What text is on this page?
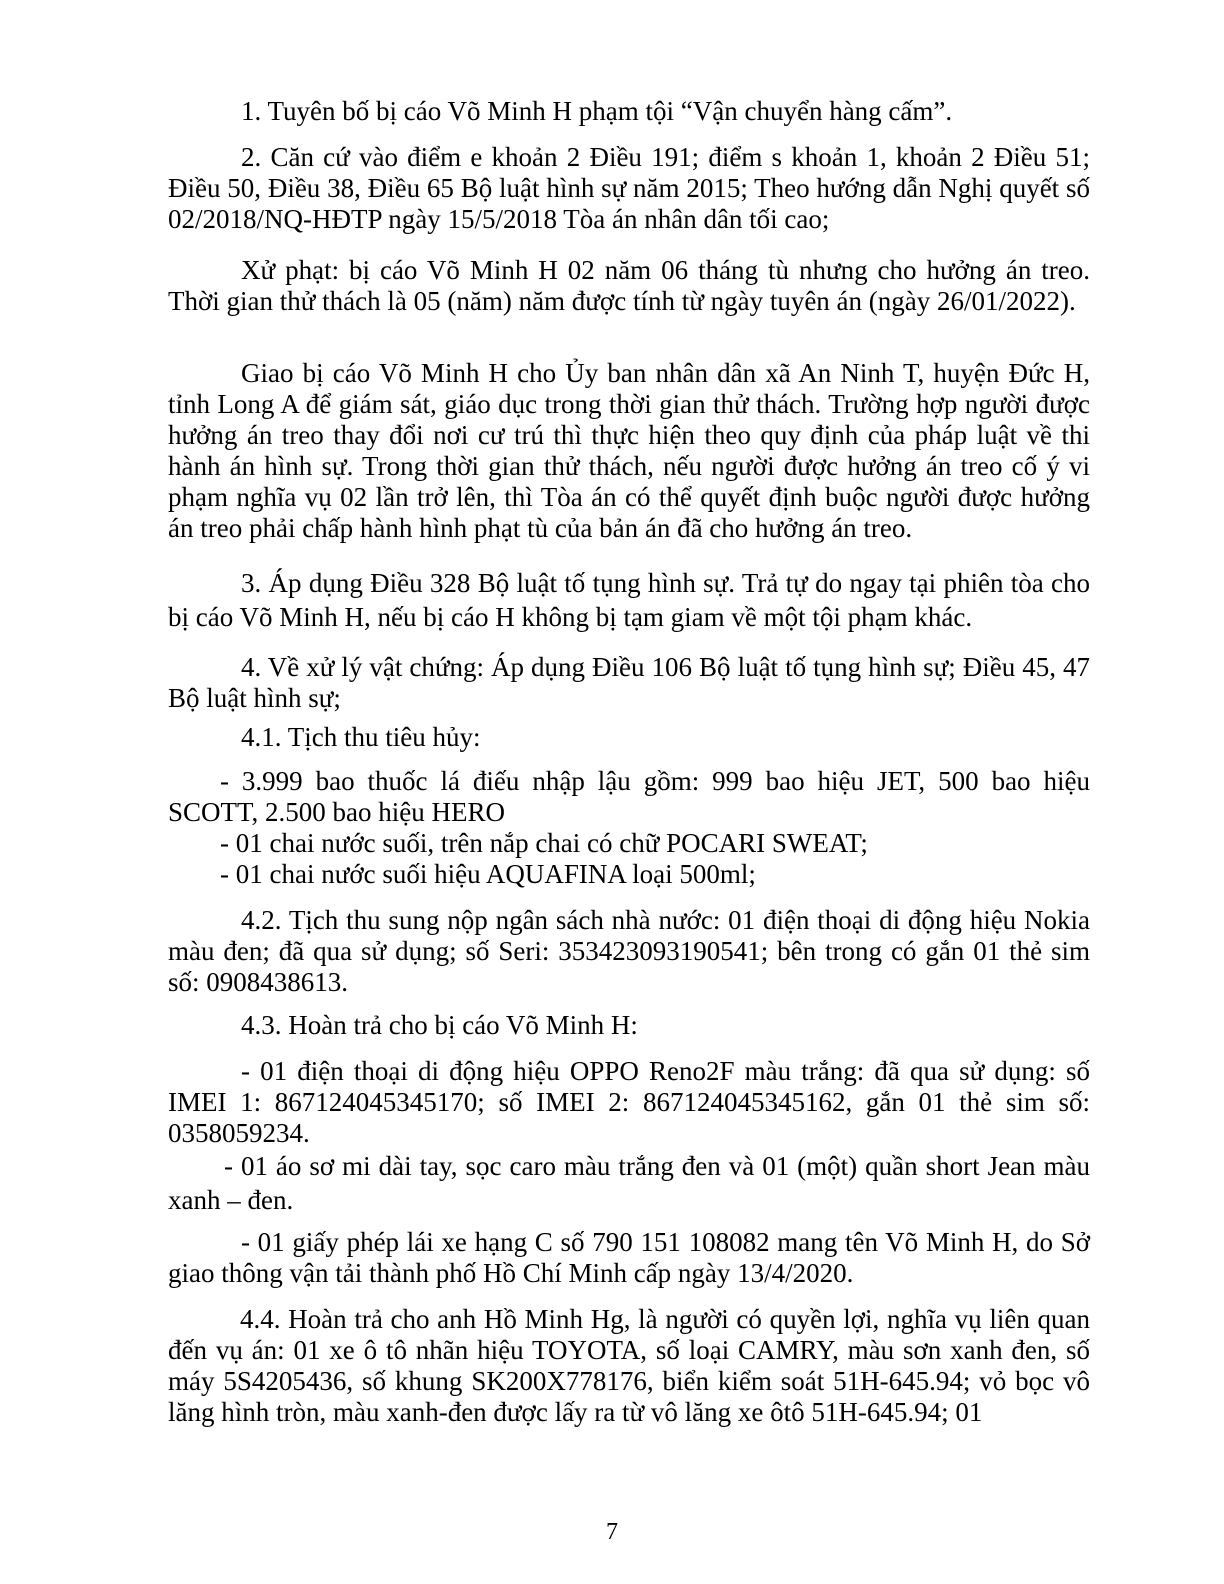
1. Tuyên bố bị cáo Võ Minh H phạm tội “Vận chuyển hàng cấm”.

2. Căn cứ vào điểm e khoản 2 Điều 191; điểm s khoản 1, khoản 2 Điều 51; Điều 50, Điều 38, Điều 65 Bộ luật hình sự năm 2015; Theo hướng dẫn Nghị quyết số 02/2018/NQ-HĐTP ngày 15/5/2018 Tòa án nhân dân tối cao;

Xử phạt: bị cáo Võ Minh H 02 năm 06 tháng tù nhưng cho hưởng án treo. Thời gian thử thách là 05 (năm) năm được tính từ ngày tuyên án (ngày 26/01/2022).

Giao bị cáo Võ Minh H cho Ủy ban nhân dân xã An Ninh T, huyện Đức H, tỉnh Long A để giám sát, giáo dục trong thời gian thử thách. Trường hợp người được hưởng án treo thay đổi nơi cư trú thì thực hiện theo quy định của pháp luật về thi hành án hình sự. Trong thời gian thử thách, nếu người được hưởng án treo cố ý vi phạm nghĩa vụ 02 lần trở lên, thì Tòa án có thể quyết định buộc người được hưởng án treo phải chấp hành hình phạt tù của bản án đã cho hưởng án treo.

3. Áp dụng Điều 328 Bộ luật tố tụng hình sự. Trả tự do ngay tại phiên tòa cho bị cáo Võ Minh H, nếu bị cáo H không bị tạm giam về một tội phạm khác.

4. Về xử lý vật chứng: Áp dụng Điều 106 Bộ luật tố tụng hình sự; Điều 45, 47 Bộ luật hình sự;

4.1. Tịch thu tiêu hủy:

- 3.999 bao thuốc lá điếu nhập lậu gồm: 999 bao hiệu JET, 500 bao hiệu SCOTT, 2.500 bao hiệu HERO

- 01 chai nước suối, trên nắp chai có chữ POCARI SWEAT;

- 01 chai nước suối hiệu AQUAFINA loại 500ml;

4.2. Tịch thu sung nộp ngân sách nhà nước: 01 điện thoại di động hiệu Nokia màu đen; đã qua sử dụng; số Seri: 353423093190541; bên trong có gắn 01 thẻ sim số: 0908438613.

4.3. Hoàn trả cho bị cáo Võ Minh H:

- 01 điện thoại di động hiệu OPPO Reno2F màu trắng: đã qua sử dụng: số IMEI 1: 867124045345170; số IMEI 2: 867124045345162, gắn 01 thẻ sim số: 0358059234.

- 01 áo sơ mi dài tay, sọc caro màu trắng đen và 01 (một) quần short Jean màu xanh – đen.

- 01 giấy phép lái xe hạng C số 790 151 108082 mang tên Võ Minh H, do Sở giao thông vận tải thành phố Hồ Chí Minh cấp ngày 13/4/2020.

4.4. Hoàn trả cho anh Hồ Minh Hg, là người có quyền lợi, nghĩa vụ liên quan đến vụ án: 01 xe ô tô nhãn hiệu TOYOTA, số loại CAMRY, màu sơn xanh đen, số máy 5S4205436, số khung SK200X778176, biển kiểm soát 51H-645.94; vỏ bọc vô lăng hình tròn, màu xanh-đen được lấy ra từ vô lăng xe ôtô 51H-645.94; 01

7
